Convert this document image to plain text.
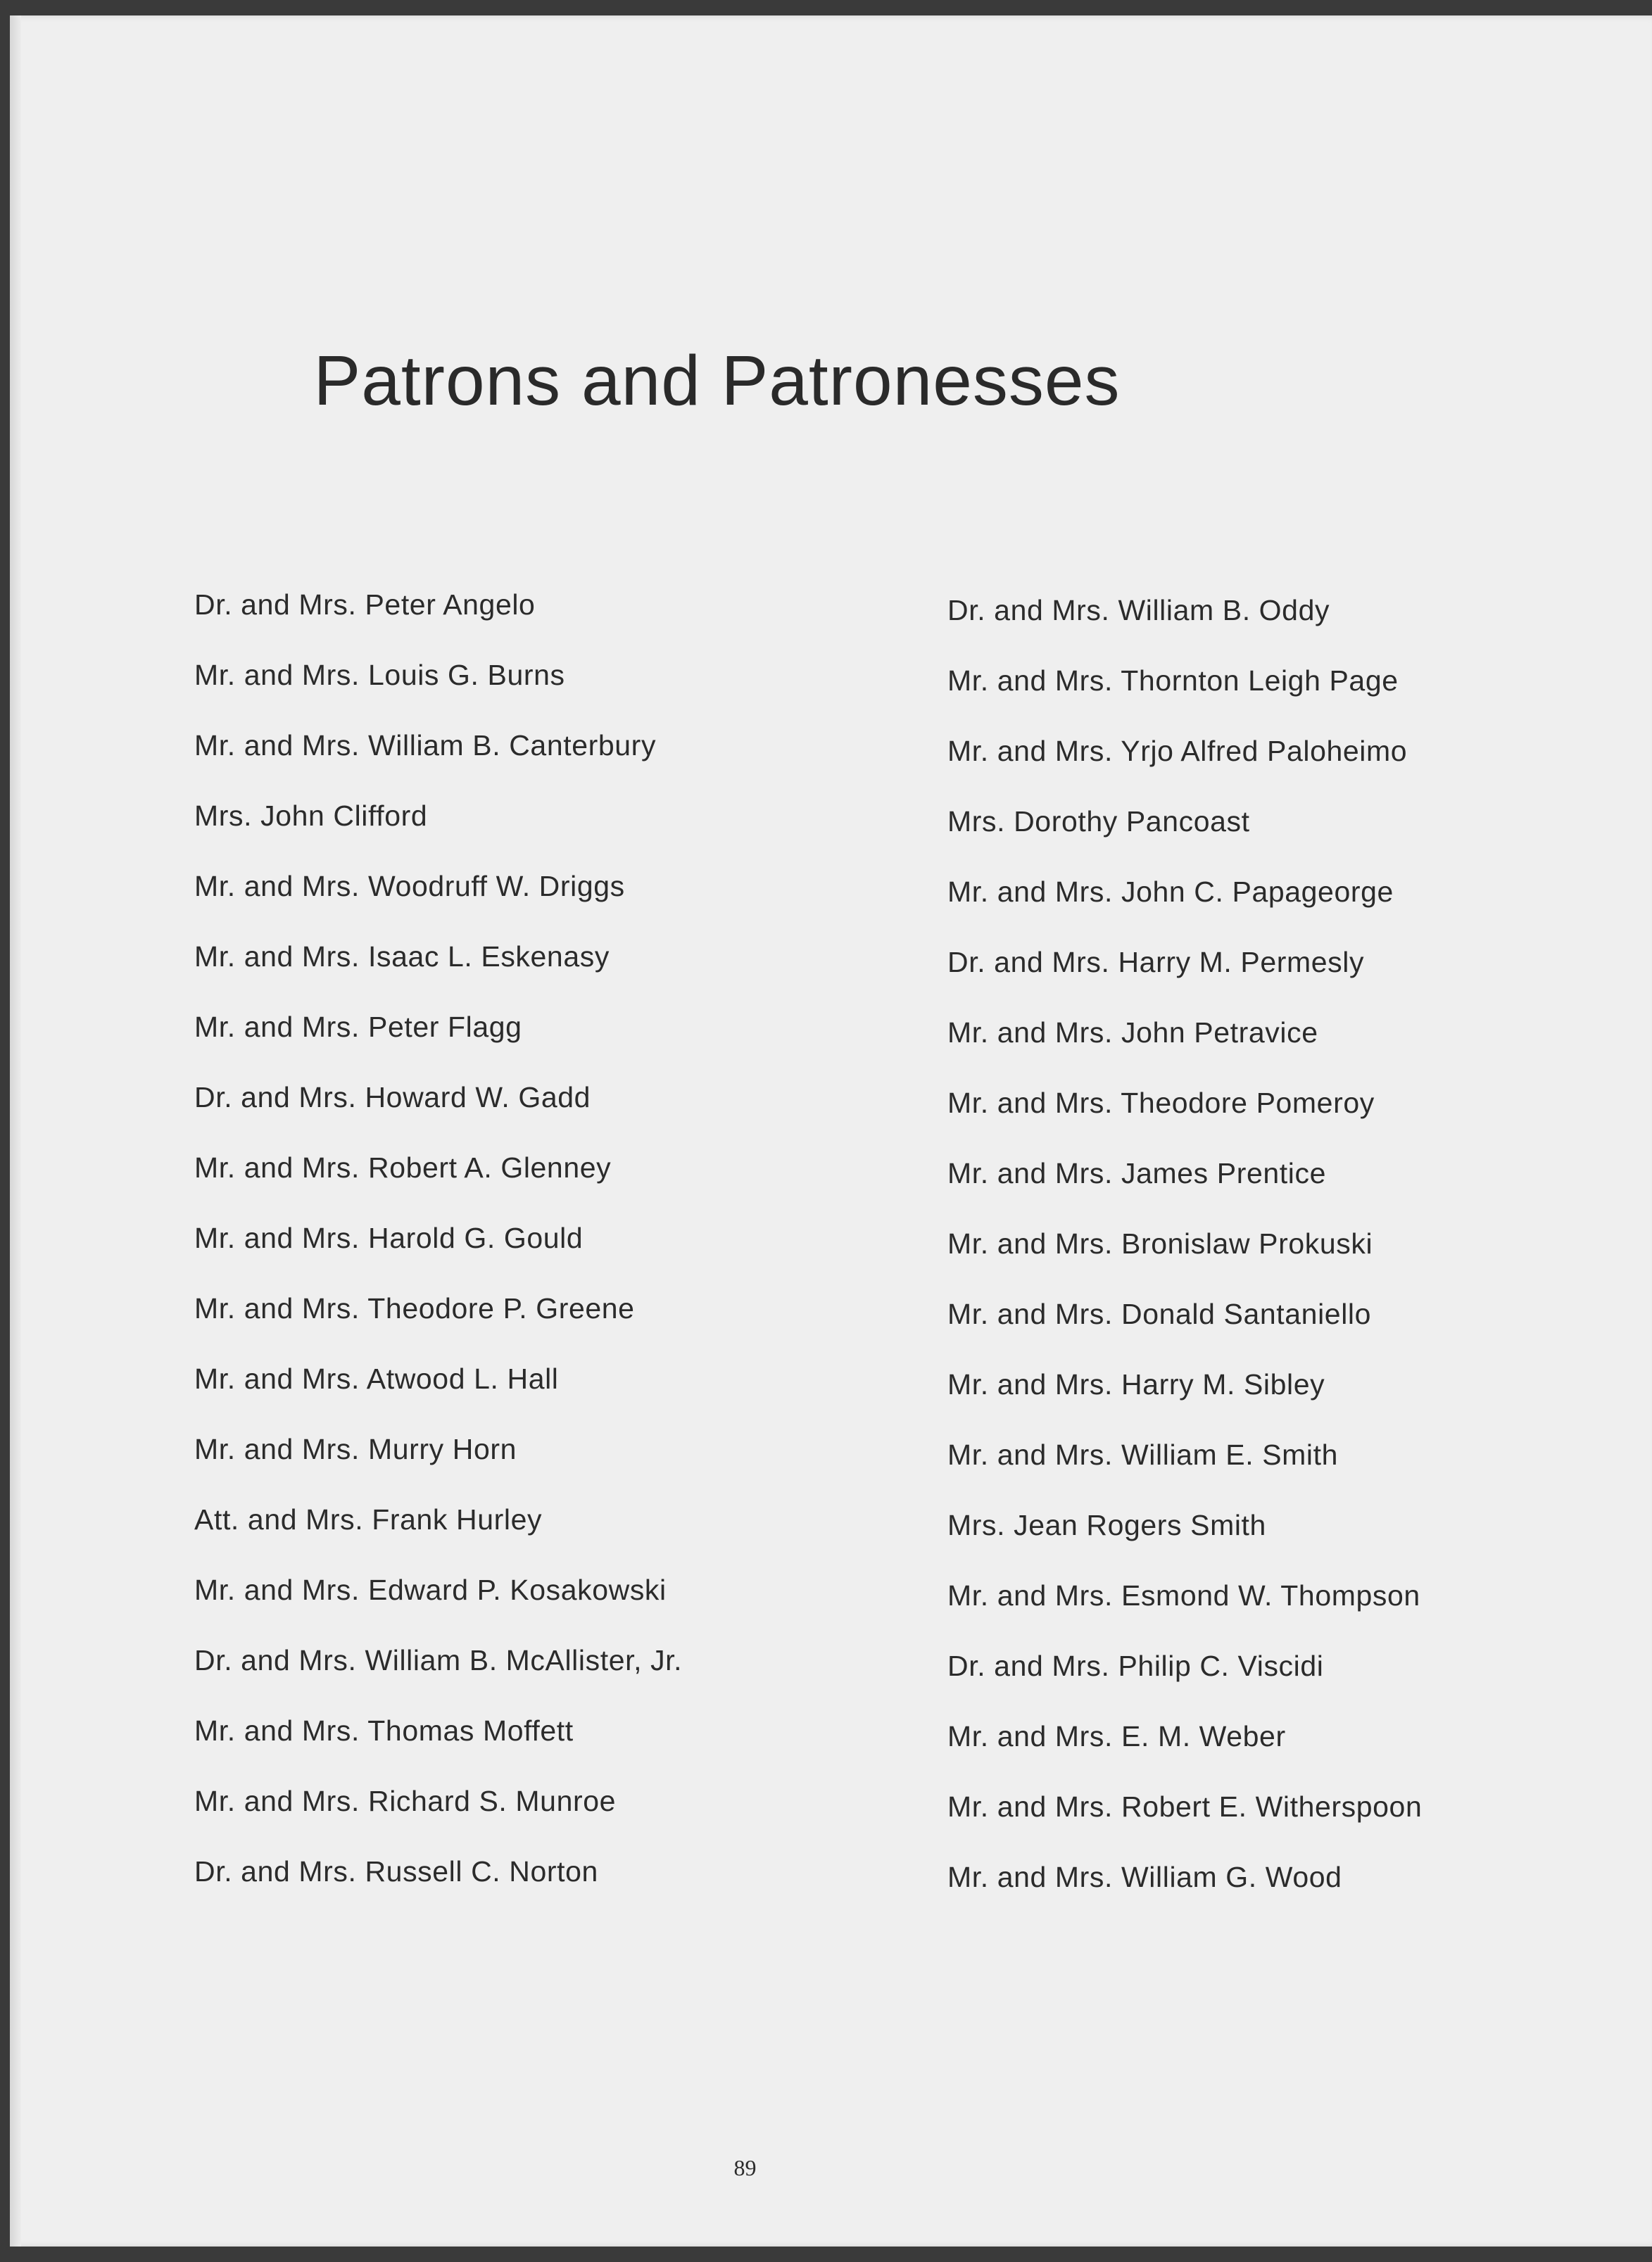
Patrons and Patronesses
Dr. and Mrs. Peter Angelo
Mr. and Mrs. Louis G. Burns
Mr. and Mrs. William B. Canterbury
Mrs. John Clifford
Mr. and Mrs. Woodruff W. Driggs
Mr. and Mrs. Isaac L. Eskenasy
Mr. and Mrs. Peter Flagg
Dr. and Mrs. Howard W. Gadd
Mr. and Mrs. Robert A. Glenney
Mr. and Mrs. Harold G. Gould
Mr. and Mrs. Theodore P. Greene
Mr. and Mrs. Atwood L. Hall
Mr. and Mrs. Murry Horn
Att. and Mrs. Frank Hurley
Mr. and Mrs. Edward P. Kosakowski
Dr. and Mrs. William B. McAllister, Jr.
Mr. and Mrs. Thomas Moffett
Mr. and Mrs. Richard S. Munroe
Dr. and Mrs. Russell C. Norton
Dr. and Mrs. William B. Oddy
Mr. and Mrs. Thornton Leigh Page
Mr. and Mrs. Yrjo Alfred Paloheimo
Mrs. Dorothy Pancoast
Mr. and Mrs. John C. Papageorge
Dr. and Mrs. Harry M. Permesly
Mr. and Mrs. John Petravice
Mr. and Mrs. Theodore Pomeroy
Mr. and Mrs. James Prentice
Mr. and Mrs. Bronislaw Prokuski
Mr. and Mrs. Donald Santaniello
Mr. and Mrs. Harry M. Sibley
Mr. and Mrs. William E. Smith
Mrs. Jean Rogers Smith
Mr. and Mrs. Esmond W. Thompson
Dr. and Mrs. Philip C. Viscidi
Mr. and Mrs. E. M. Weber
Mr. and Mrs. Robert E. Witherspoon
Mr. and Mrs. William G. Wood
89
